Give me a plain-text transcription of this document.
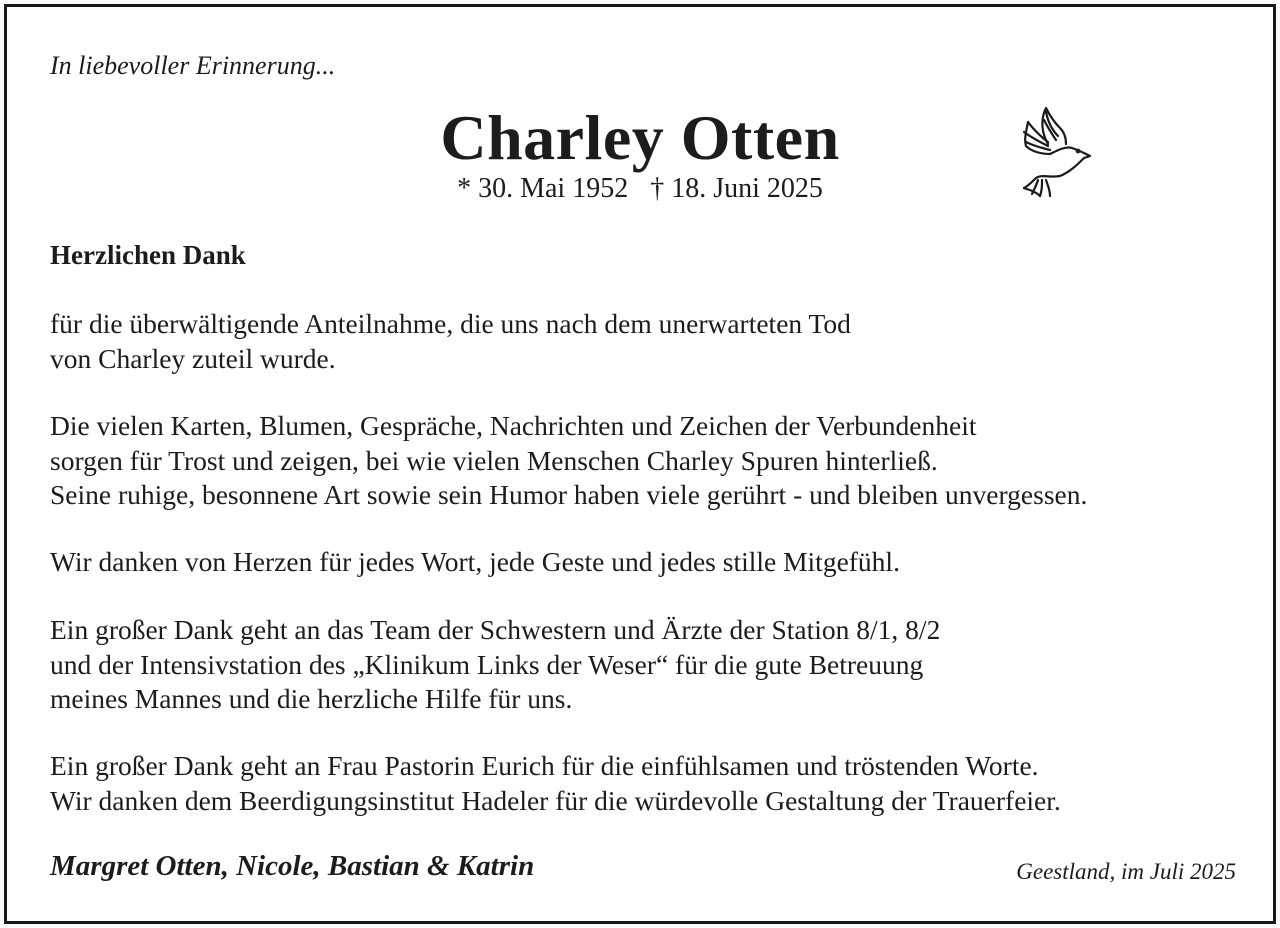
In liebevoller Erinnerung...
Charley Otten
* 30. Mai 1952 † 18. Juni 2025
Herzlichen Dank
für die überwältigende Anteilnahme, die uns nach dem unerwarteten Tod
von Charley zuteil wurde.
Die vielen Karten, Blumen, Gespräche, Nachrichten und Zeichen der Verbundenheit
sorgen für Trost und zeigen, bei wie vielen Menschen Charley Spuren hinterließ.
Seine ruhige, besonnene Art sowie sein Humor haben viele gerührt - und bleiben unvergessen.
Wir danken von Herzen für jedes Wort, jede Geste und jedes stille Mitgefühl.
Ein großer Dank geht an das Team der Schwestern und Ärzte der Station 8/1, 8/2
und der Intensivstation des „Klinikum Links der Weser“ für die gute Betreuung
meines Mannes und die herzliche Hilfe für uns.
Ein großer Dank geht an Frau Pastorin Eurich für die einfühlsamen und tröstenden Worte.
Wir danken dem Beerdigungsinstitut Hadeler für die würdevolle Gestaltung der Trauerfeier.
Margret Otten, Nicole, Bastian & Katrin	Geestland, im Juli 2025
